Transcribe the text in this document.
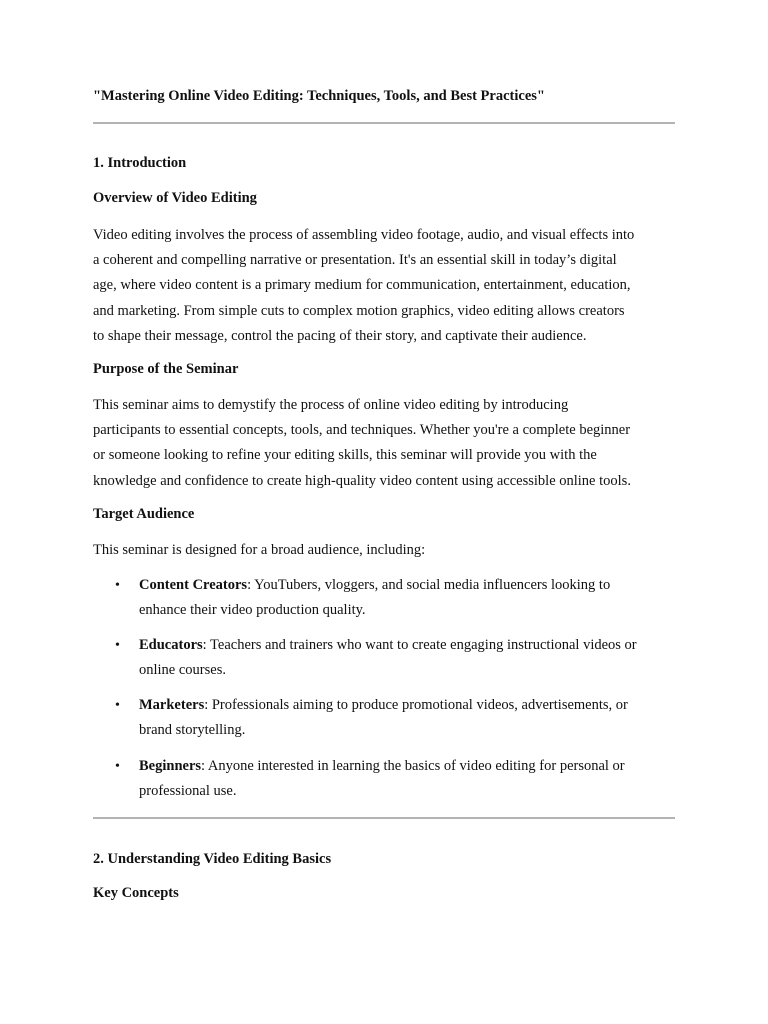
"Mastering Online Video Editing: Techniques, Tools, and Best Practices"
1. Introduction
Overview of Video Editing
Video editing involves the process of assembling video footage, audio, and visual effects into
a coherent and compelling narrative or presentation. It's an essential skill in today’s digital
age, where video content is a primary medium for communication, entertainment, education,
and marketing. From simple cuts to complex motion graphics, video editing allows creators
to shape their message, control the pacing of their story, and captivate their audience.
Purpose of the Seminar
This seminar aims to demystify the process of online video editing by introducing
participants to essential concepts, tools, and techniques. Whether you're a complete beginner
or someone looking to refine your editing skills, this seminar will provide you with the
knowledge and confidence to create high-quality video content using accessible online tools.
Target Audience
This seminar is designed for a broad audience, including:
• Content Creators: YouTubers, vloggers, and social media influencers looking to
enhance their video production quality.
• Educators: Teachers and trainers who want to create engaging instructional videos or
online courses.
• Marketers: Professionals aiming to produce promotional videos, advertisements, or
brand storytelling.
• Beginners: Anyone interested in learning the basics of video editing for personal or
professional use.
2. Understanding Video Editing Basics
Key Concepts
